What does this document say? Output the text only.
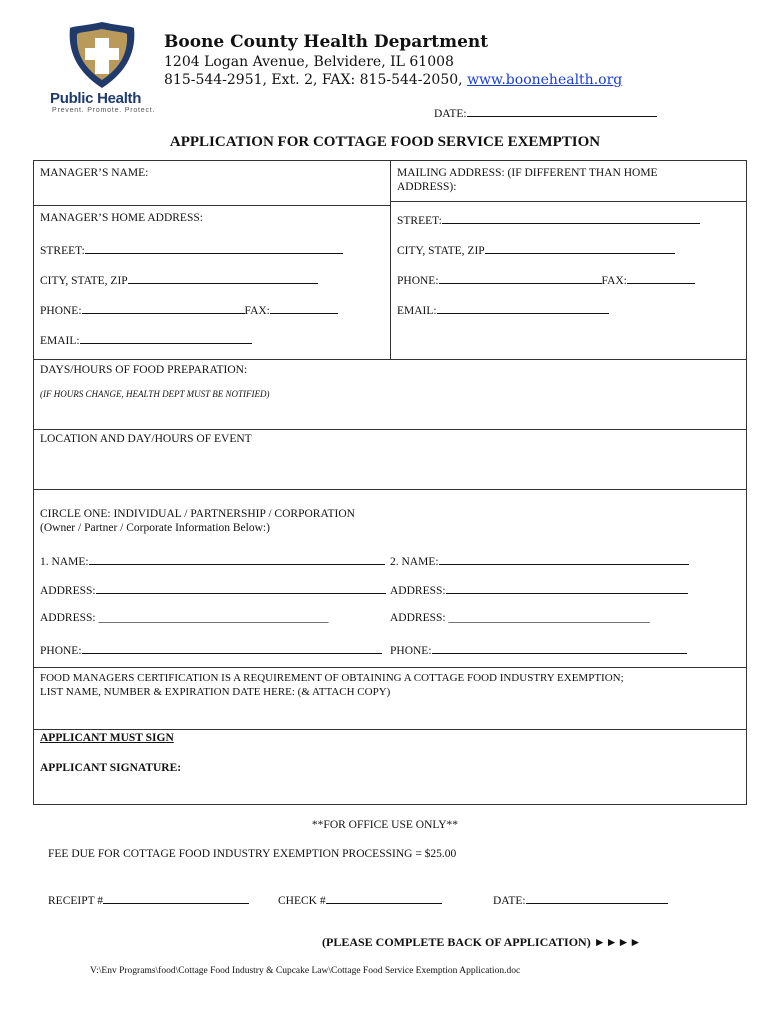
Public Health
Prevent. Promote. Protect.
Boone County Health Department
1204 Logan Avenue, Belvidere, IL 61008
815-544-2951, Ext. 2, FAX: 815-544-2050, www.boonehealth.org
DATE:
APPLICATION FOR COTTAGE FOOD SERVICE EXEMPTION
MANAGER’S NAME:
MANAGER’S HOME ADDRESS:
STREET:
CITY, STATE, ZIP
PHONE:	FAX:
EMAIL:
MAILING ADDRESS: (IF DIFFERENT THAN HOME
ADDRESS):
STREET:
CITY, STATE, ZIP
PHONE:	FAX:
EMAIL:
DAYS/HOURS OF FOOD PREPARATION:
(IF HOURS CHANGE, HEALTH DEPT MUST BE NOTIFIED)
LOCATION AND DAY/HOURS OF EVENT
CIRCLE ONE: INDIVIDUAL / PARTNERSHIP / CORPORATION
(Owner / Partner / Corporate Information Below:)
1. NAME:	2. NAME:
ADDRESS:	ADDRESS:
ADDRESS: ________________________________________	ADDRESS: ___________________________________
PHONE:	PHONE:
FOOD MANAGERS CERTIFICATION IS A REQUIREMENT OF OBTAINING A COTTAGE FOOD INDUSTRY EXEMPTION;
LIST NAME, NUMBER & EXPIRATION DATE HERE: (& ATTACH COPY)
APPLICANT MUST SIGN
APPLICANT SIGNATURE:
**FOR OFFICE USE ONLY**
FEE DUE FOR COTTAGE FOOD INDUSTRY EXEMPTION PROCESSING = $25.00
RECEIPT #	CHECK #	DATE:
(PLEASE COMPLETE BACK OF APPLICATION) ►►►►
V:\Env Programs\food\Cottage Food Industry & Cupcake Law\Cottage Food Service Exemption Application.doc
